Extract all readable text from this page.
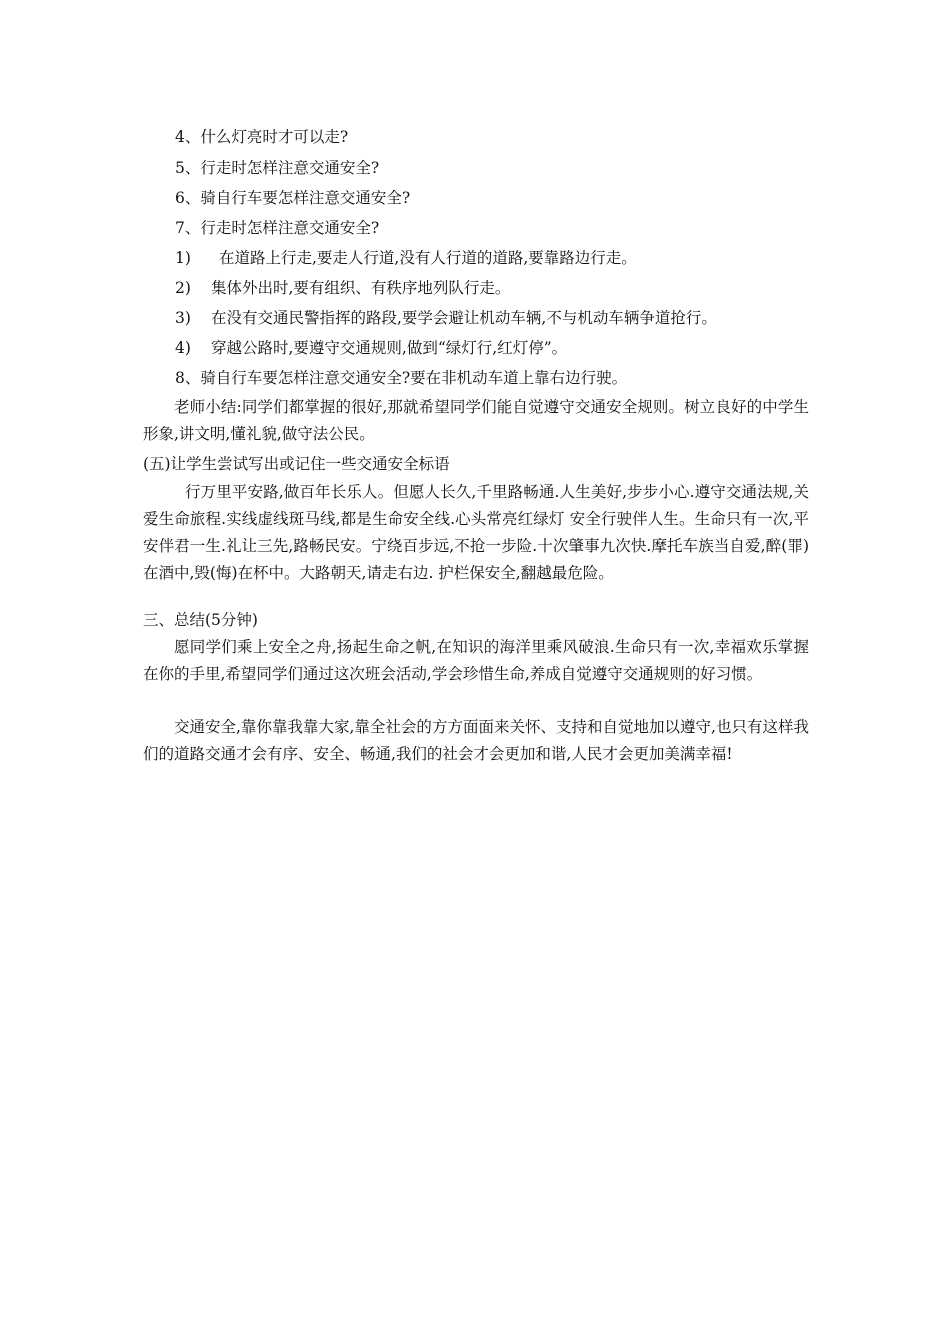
4、什么灯亮时才可以走?
5、行走时怎样注意交通安全?
6、骑自行车要怎样注意交通安全?
7、行走时怎样注意交通安全?
1) 在道路上行走,要走人行道,没有人行道的道路,要靠路边行走。
2) 集体外出时,要有组织、有秩序地列队行走。
3) 在没有交通民警指挥的路段,要学会避让机动车辆,不与机动车辆争道抢行。
4) 穿越公路时,要遵守交通规则,做到“绿灯行,红灯停”。
8、骑自行车要怎样注意交通安全?要在非机动车道上靠右边行驶。
老师小结:同学们都掌握的很好,那就希望同学们能自觉遵守交通安全规则。树立良好的中学生形象,讲文明,懂礼貌,做守法公民。
(五)让学生尝试写出或记住一些交通安全标语
行万里平安路,做百年长乐人。但愿人长久,千里路畅通.人生美好,步步小心.遵守交通法规,关爱生命旅程.实线虚线斑马线,都是生命安全线.心头常亮红绿灯 安全行驶伴人生。生命只有一次,平安伴君一生.礼让三先,路畅民安。宁绕百步远,不抢一步险.十次肇事九次快.摩托车族当自爱,醉(罪)在酒中,毁(悔)在杯中。大路朝天,请走右边. 护栏保安全,翻越最危险。
三、总结(5分钟)
愿同学们乘上安全之舟,扬起生命之帆,在知识的海洋里乘风破浪.生命只有一次,幸福欢乐掌握在你的手里,希望同学们通过这次班会活动,学会珍惜生命,养成自觉遵守交通规则的好习惯。
交通安全,靠你靠我靠大家,靠全社会的方方面面来关怀、支持和自觉地加以遵守,也只有这样我们的道路交通才会有序、安全、畅通,我们的社会才会更加和谐,人民才会更加美满幸福!
